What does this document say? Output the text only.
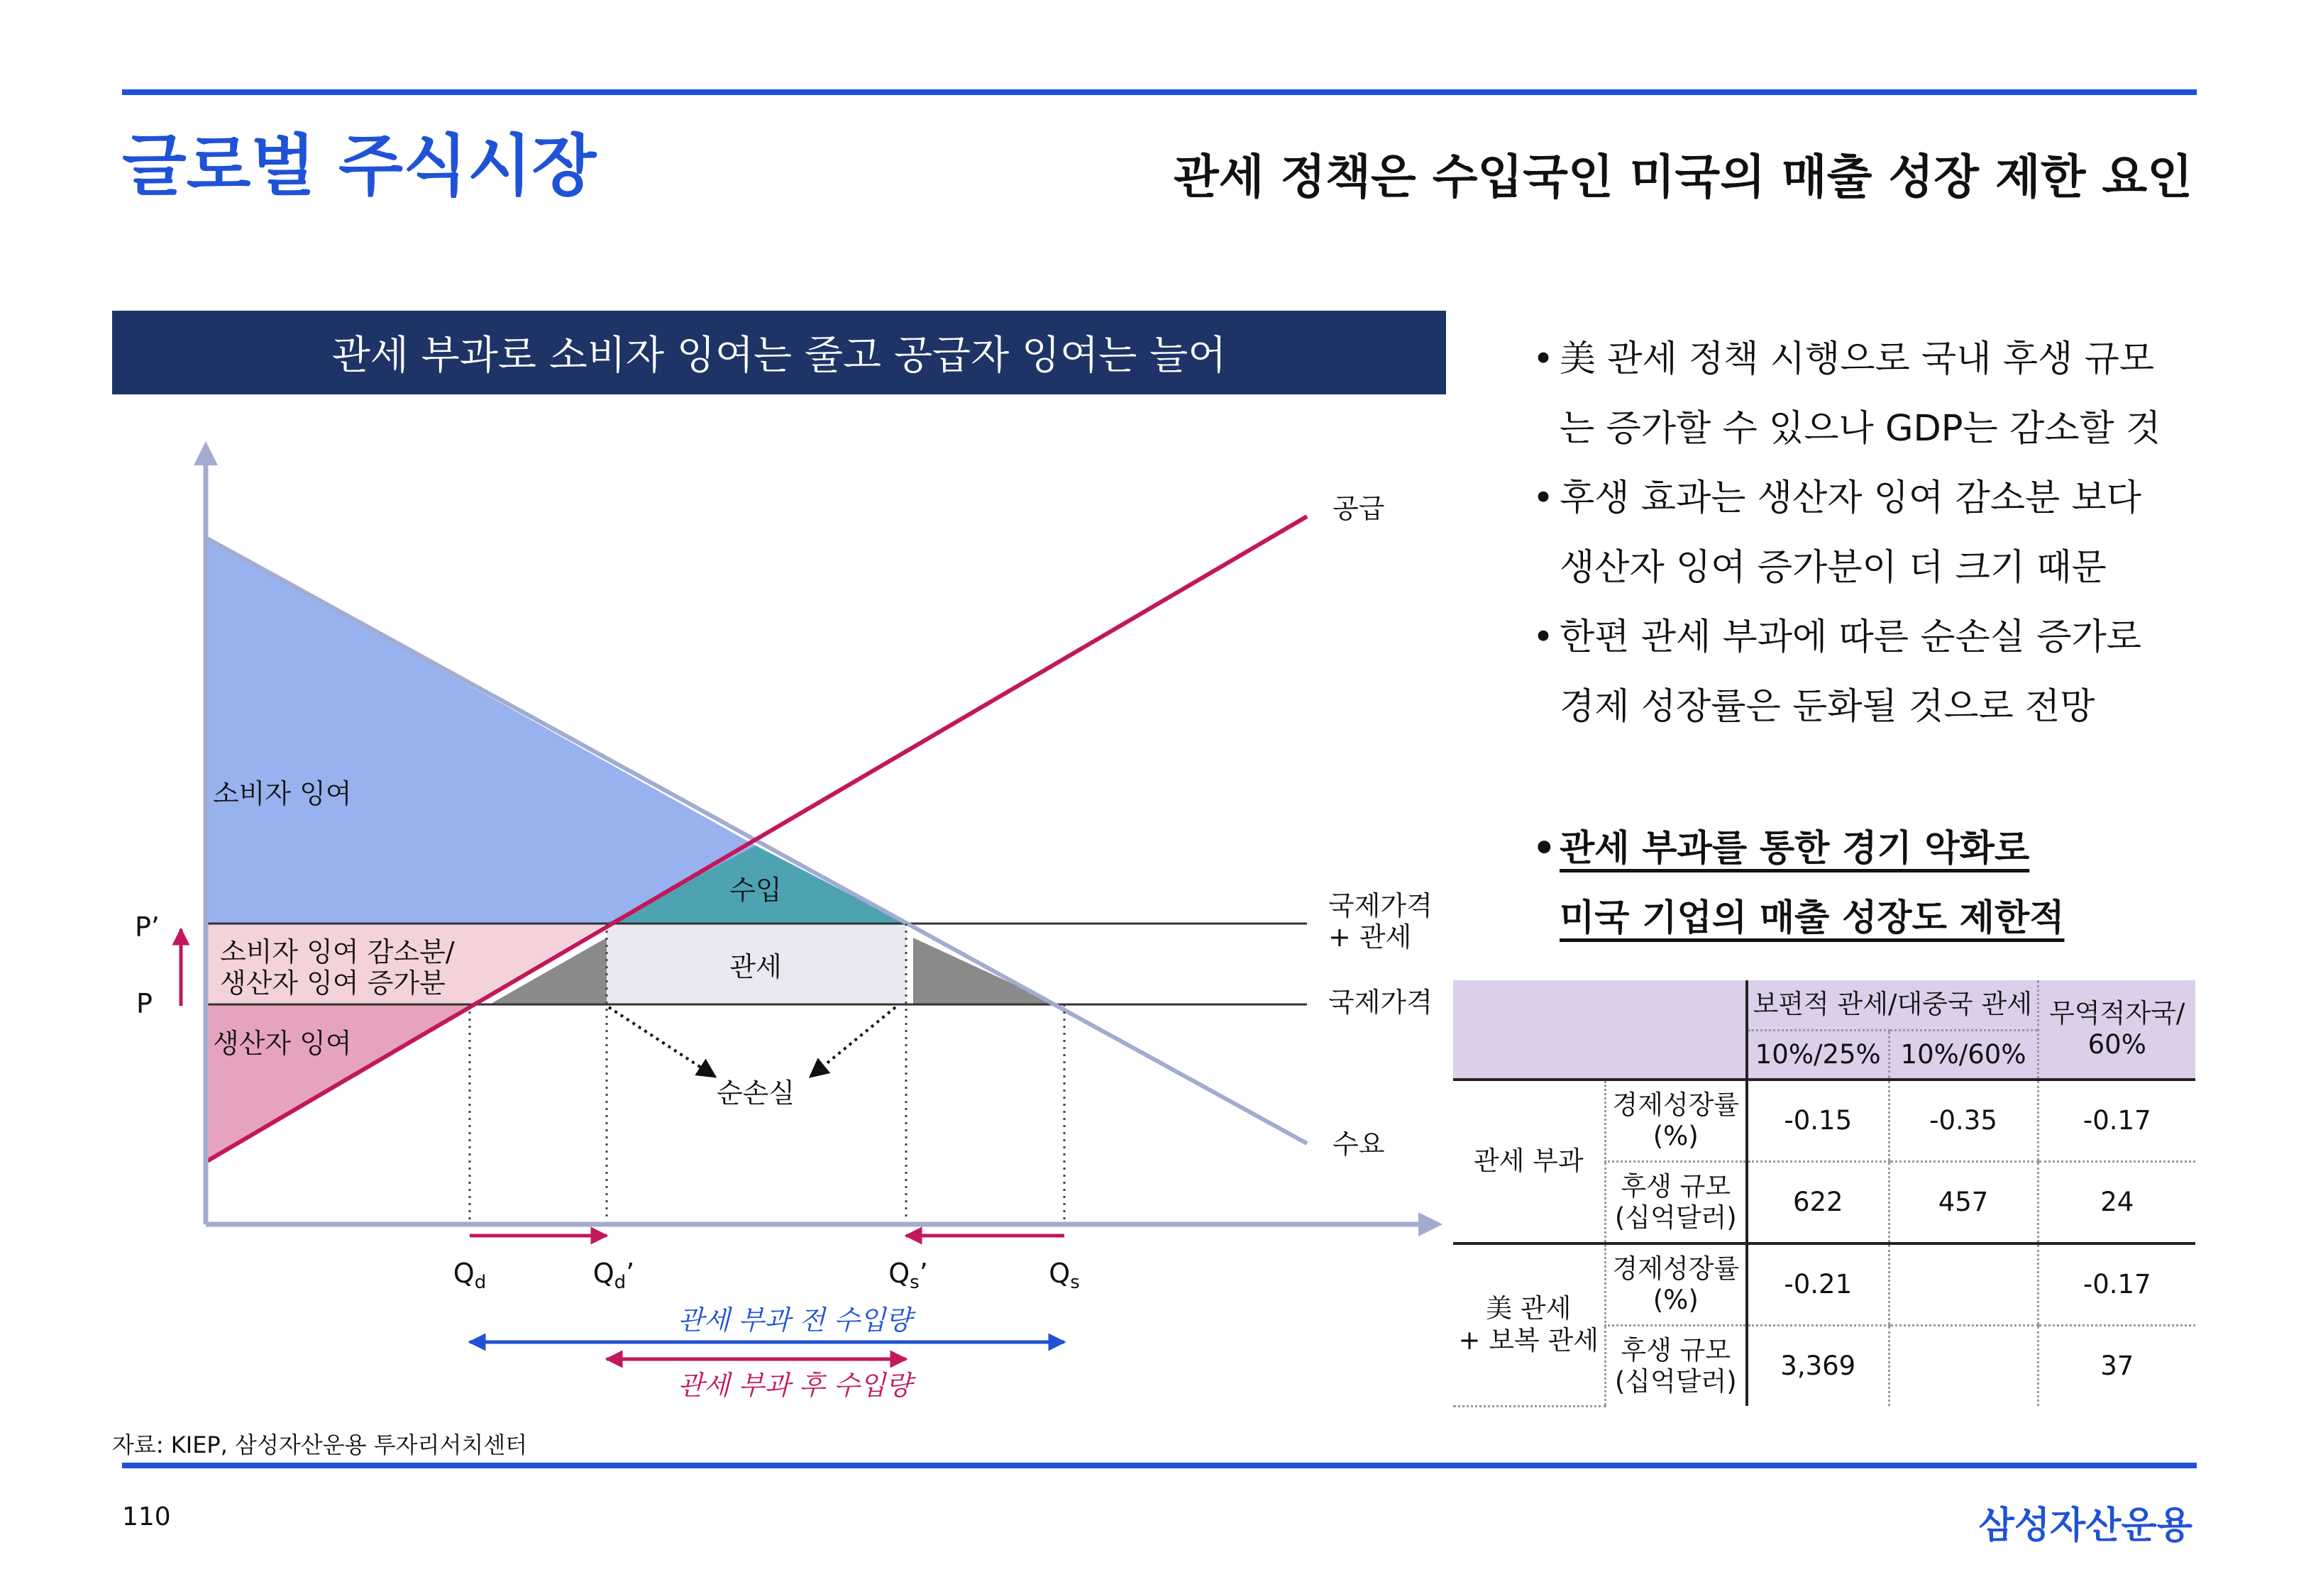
글로벌 주식시장	관세 정책은 수입국인 미국의 매출 성장 제한 요인
관세 부과로 소비자 잉여는 줄고 공급자 잉여는 늘어
공급
수요
국제가격 + 관세
국제가격
P’
P
소비자 잉여
소비자 잉여 감소분/ 생산자 잉여 증가분
생산자 잉여
수입
관세
순손실
$Q_d$	$Q_d$’	$Q_s$’	$Q_s$
관세 부과 전 수입량
관세 부과 후 수입량
• 美 관세 정책 시행으로 국내 후생 규모
는 증가할 수 있으나 GDP는 감소할 것
• 후생 효과는 생산자 잉여 감소분 보다
생산자 잉여 증가분이 더 크기 때문
• 한편 관세 부과에 따른 순손실 증가로
경제 성장률은 둔화될 것으로 전망
• 관세 부과를 통한 경기 악화로
미국 기업의 매출 성장도 제한적
		보편적 관세/대중국 관세		무역적자국/
60%
		10%/25%	10%/60%	
관세 부과	경제성장률
(%)	-0.15	-0.35	-0.17
	후생 규모
(십억달러)	622	457	24
美 관세
+ 보복 관세	경제성장률
(%)	-0.21		-0.17
	후생 규모
(십억달러)	3,369		37
자료: KIEP, 삼성자산운용 투자리서치센터
110	삼성자산운용
